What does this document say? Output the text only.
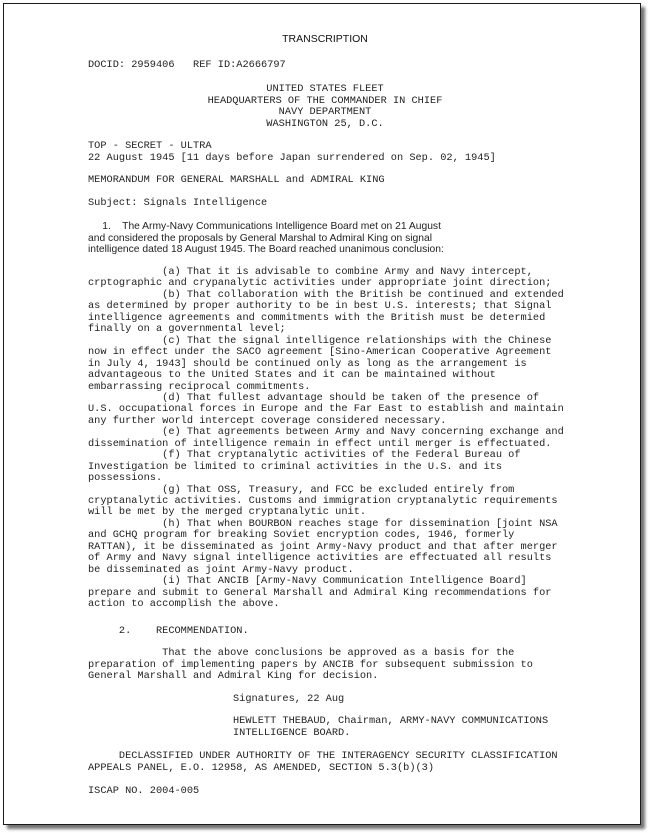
TRANSCRIPTION
DOCID: 2959406   REF ID:A2666797
UNITED STATES FLEET
HEADQUARTERS OF THE COMMANDER IN CHIEF
NAVY DEPARTMENT
WASHINGTON 25, D.C.
TOP - SECRET - ULTRA
22 August 1945 [11 days before Japan surrendered on Sep. 02, 1945]
MEMORANDUM FOR GENERAL MARSHALL and ADMIRAL KING
Subject: Signals Intelligence
1.    The Army-Navy Communications Intelligence Board met on 21 August
and considered the proposals by General Marshal to Admiral King on signal
intelligence dated 18 August 1945. The Board reached unanimous conclusion:
(a) That it is advisable to combine Army and Navy intercept,
crptographic and crypanalytic activities under appropriate joint direction;
(b) That collaboration with the British be continued and extended
as determined by proper authority to be in best U.S. interests; that Signal
intelligence agreements and commitments with the British must be determied
finally on a governmental level;
(c) That the signal intelligence relationships with the Chinese
now in effect under the SACO agreement [Sino-American Cooperative Agreement
in July 4, 1943] should be continued only as long as the arrangement is
advantageous to the United States and it can be maintained without
embarrassing reciprocal commitments.
(d) That fullest advantage should be taken of the presence of
U.S. occupational forces in Europe and the Far East to establish and maintain
any further world intercept coverage considered necessary.
(e) That agreements between Army and Navy concerning exchange and
dissemination of intelligence remain in effect until merger is effectuated.
(f) That cryptanalytic activities of the Federal Bureau of
Investigation be limited to criminal activities in the U.S. and its
possessions.
(g) That OSS, Treasury, and FCC be excluded entirely from
cryptanalytic activities. Customs and immigration cryptanalytic requirements
will be met by the merged cryptanalytic unit.
(h) That when BOURBON reaches stage for dissemination [joint NSA
and GCHQ program for breaking Soviet encryption codes, 1946, formerly
RATTAN), it be disseminated as joint Army-Navy product and that after merger
of Army and Navy signal intelligence activities are effectuated all results
be disseminated as joint Army-Navy product.
(i) That ANCIB [Army-Navy Communication Intelligence Board]
prepare and submit to General Marshall and Admiral King recommendations for
action to accomplish the above.
2.    RECOMMENDATION.
That the above conclusions be approved as a basis for the
preparation of implementing papers by ANCIB for subsequent submission to
General Marshall and Admiral King for decision.
Signatures, 22 Aug
HEWLETT THEBAUD, Chairman, ARMY-NAVY COMMUNICATIONS
INTELLIGENCE BOARD.
DECLASSIFIED UNDER AUTHORITY OF THE INTERAGENCY SECURITY CLASSIFICATION
APPEALS PANEL, E.O. 12958, AS AMENDED, SECTION 5.3(b)(3)
ISCAP NO. 2004-005
